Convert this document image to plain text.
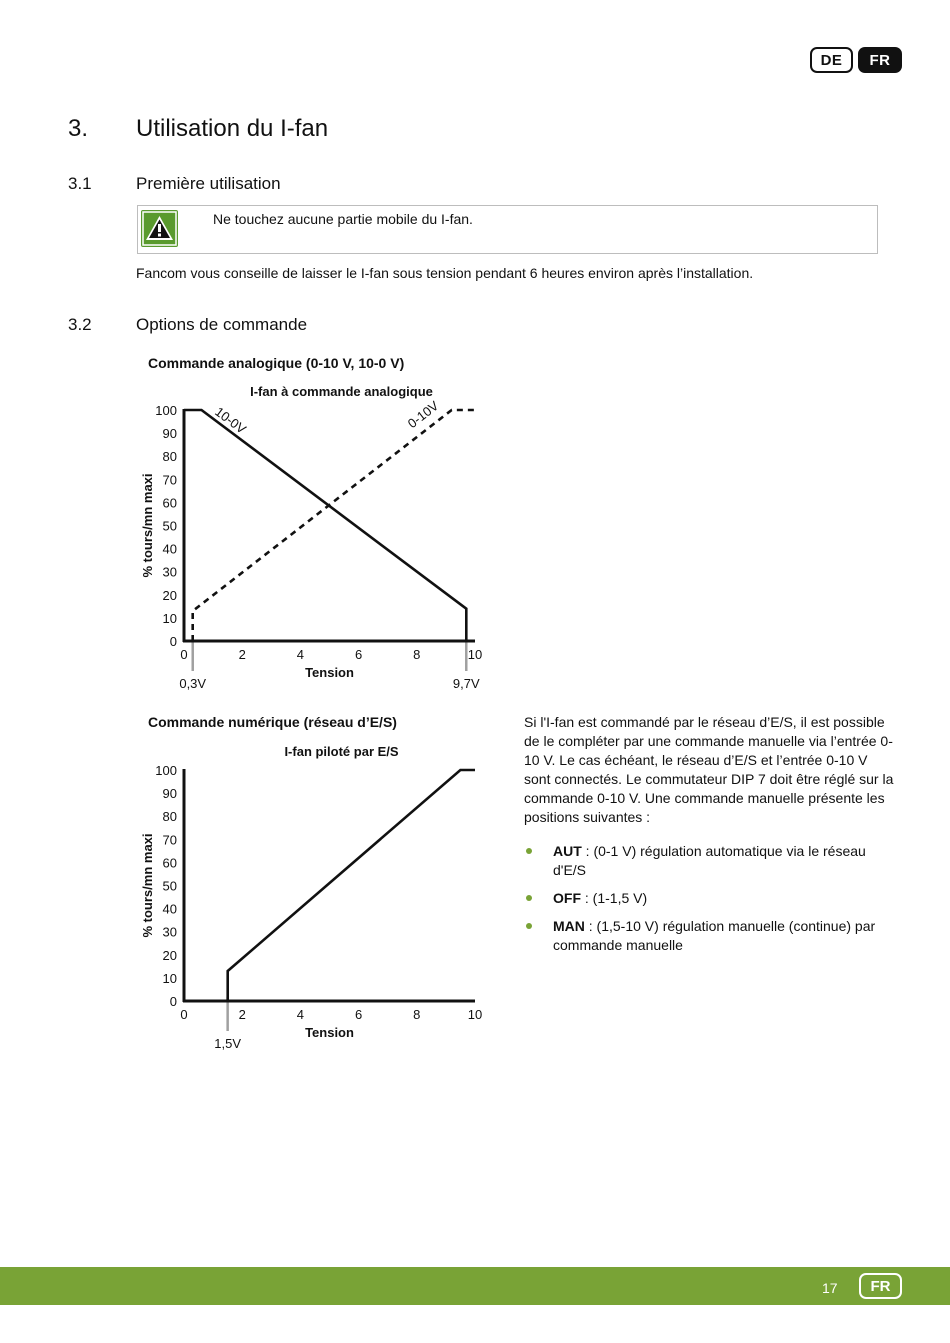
DE	FR
3. Utilisation du I-fan
3.1	Première utilisation
Ne touchez aucune partie mobile du I-fan.
Fancom vous conseille de laisser le I-fan sous tension pendant 6 heures environ après l’installation.
3.2	Options de commande
Commande analogique (0-10 V, 10-0 V)
Commande numérique (réseau d’E/S)
I-fan à commande analogique
0,3V	9,7V
0
10
20
30
40
50
60
70
80
90
100
0	2	4	6	8	10
Tension
% tours/mn maxi
10-0V	0-10V
I-fan piloté par E/S
1,5V
0
10
20
30
40
50
60
70
80
90
100
0	2	4	6	8	10
Tension
% tours/mn maxi
Si l'I-fan est commandé par le réseau d’E/S, il est possible de le compléter par une commande manuelle via l’entrée 0-10 V. Le cas échéant, le réseau d’E/S et l’entrée 0-10 V sont connectés. Le commutateur DIP 7 doit être réglé sur la commande 0-10 V. Une commande manuelle présente les positions suivantes :
AUT : (0-1 V) régulation automatique via le réseau d'E/S
OFF : (1-1,5 V)
MAN : (1,5-10 V) régulation manuelle (continue) par commande manuelle
17	FR
